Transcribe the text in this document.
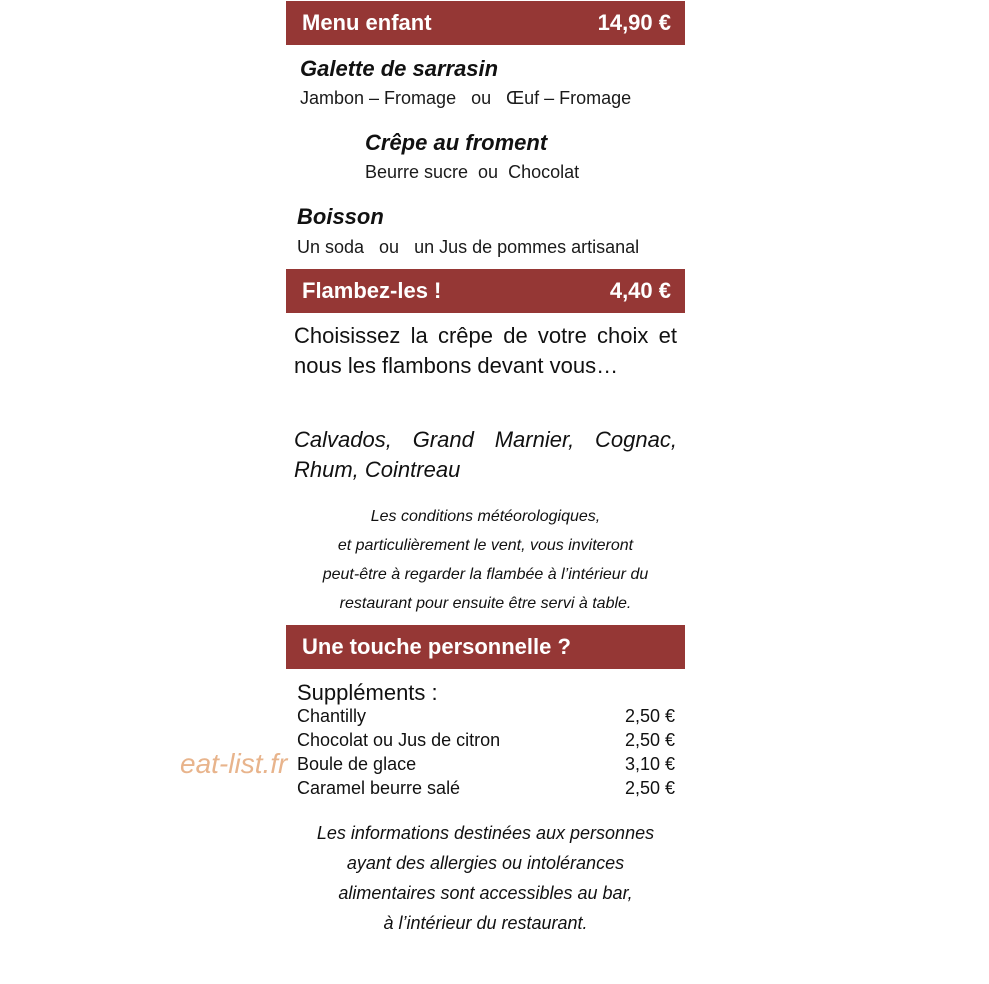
Menu enfant	14,90 €
Galette de sarrasin
Jambon – Fromage   ou   Œuf – Fromage
Crêpe au froment
Beurre sucre  ou  Chocolat
Boisson
Un soda   ou   un Jus de pommes artisanal
Flambez-les !	4,40 €
Choisissez la crêpe de votre choix et nous les flambons devant vous…
Calvados, Grand Marnier, Cognac, Rhum, Cointreau
Les conditions météorologiques,
et particulièrement le vent, vous inviteront
peut-être à regarder la flambée à l’intérieur du
restaurant pour ensuite être servi à table.
Une touche personnelle ?
Suppléments :
Chantilly	2,50 €
Chocolat ou Jus de citron	2,50 €
Boule de glace	3,10 €
Caramel beurre salé	2,50 €
eat-list.fr
Les informations destinées aux personnes
ayant des allergies ou intolérances
alimentaires sont accessibles au bar,
à l’intérieur du restaurant.
